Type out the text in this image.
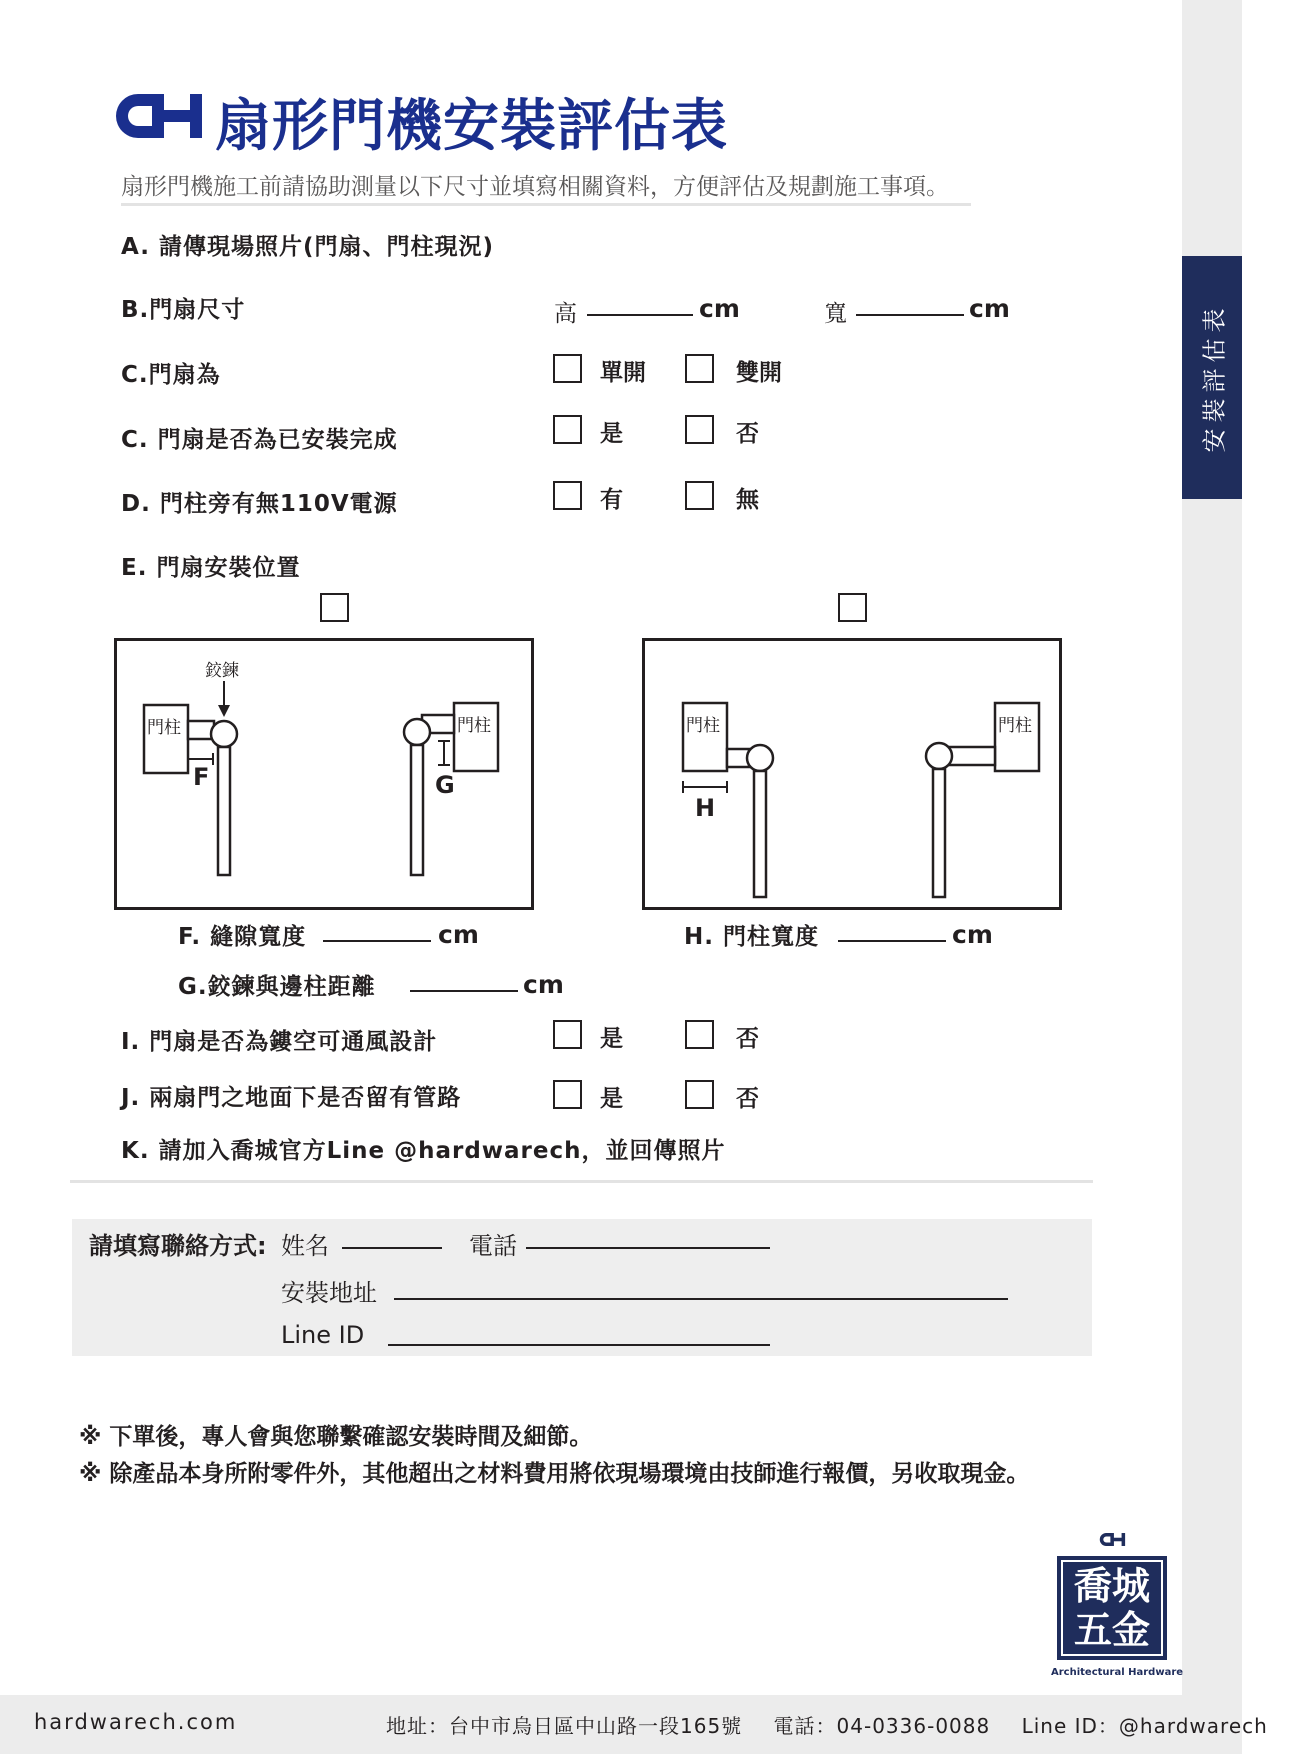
安裝評估表
扇形門機安裝評估表
扇形門機施工前請協助測量以下尺寸並填寫相關資料，方便評估及規劃施工事項。
A. 請傳現場照片(門扇、門柱現況)
B.門扇尺寸	高	cm	寬	cm
C.門扇為	單開	雙開
C. 門扇是否為已安裝完成	是	否
D. 門柱旁有無110V電源	有	無
E. 門扇安裝位置
鉸鍊
門柱	門柱
F	G
門柱	門柱
H
F. 縫隙寬度	cm	H. 門柱寬度	cm
G.鉸鍊與邊柱距離	cm
I. 門扇是否為鏤空可通風設計	是	否
J. 兩扇門之地面下是否留有管路	是	否
K. 請加入喬城官方Line @hardwarech，並回傳照片
請填寫聯絡方式: 姓名	電話
安裝地址
Line ID
※ 下單後，專人會與您聯繫確認安裝時間及細節。
※ 除產品本身所附零件外，其他超出之材料費用將依現場環境由技師進行報價，另收取現金。
喬城
五金
Architectural Hardware
hardwarech.com	地址：台中市烏日區中山路一段165號 電話：04-0336-0088 Line ID：@hardwarech
